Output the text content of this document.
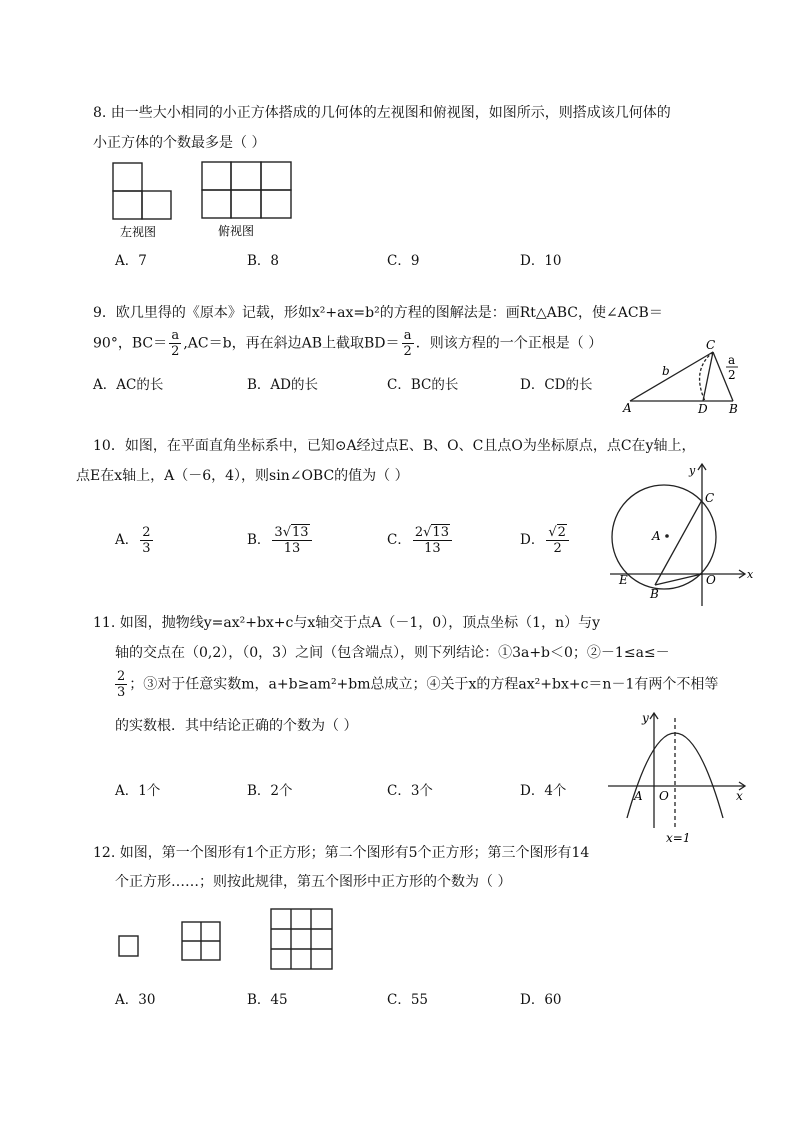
8. 由一些大小相同的小正方体搭成的几何体的左视图和俯视图，如图所示，则搭成该几何体的
小正方体的个数最多是（ ）
左视图	俯视图
A．7	B．8	C．9	D．10
9．欧几里得的《原本》记载，形如x²+ax=b²的方程的图解法是：画Rt△ABC，使∠ACB＝
90°，$BC= \frac{a}{2} ,AC=b$，再在斜边AB上截取$BD= \frac{a}{2}$ ．则该方程的一个正根是（ ）
A．AC的长	B．AD的长	C．BC的长	D．CD的长
C
A	D B
b
a
2
10．如图，在平面直角坐标系中，已知⊙A经过点E、B、O、C且点O为坐标原点，点C在y轴上，
点E在x轴上，A（－6，4），则sin∠OBC的值为（ ）
A． $\frac{2}{3}$	B． $\frac{3√13}{13}$	C． $\frac{2√13}{13}$	D． $\frac{√2}{2}$
y
x
C
A
E
B
O
11. 如图，抛物线y=ax²+bx+c与x轴交于点A（－1，0），顶点坐标（1，n）与y
轴的交点在（0,2），（0，3）之间（包含端点），则下列结论：①3a+b＜0；②－1≤a≤－
$\frac{2}{3}$ ；③对于任意实数m，a+b≥am²+bm总成立；④关于x的方程ax²+bx+c＝n－1有两个不相等
的实数根．其中结论正确的个数为（ ）
A．1个	B．2个	C．3个	D．4个
y
x
A O
x=1
12. 如图，第一个图形有1个正方形；第二个图形有5个正方形；第三个图形有14
个正方形……；则按此规律，第五个图形中正方形的个数为（ ）
A．30	B．45	C．55	D．60
